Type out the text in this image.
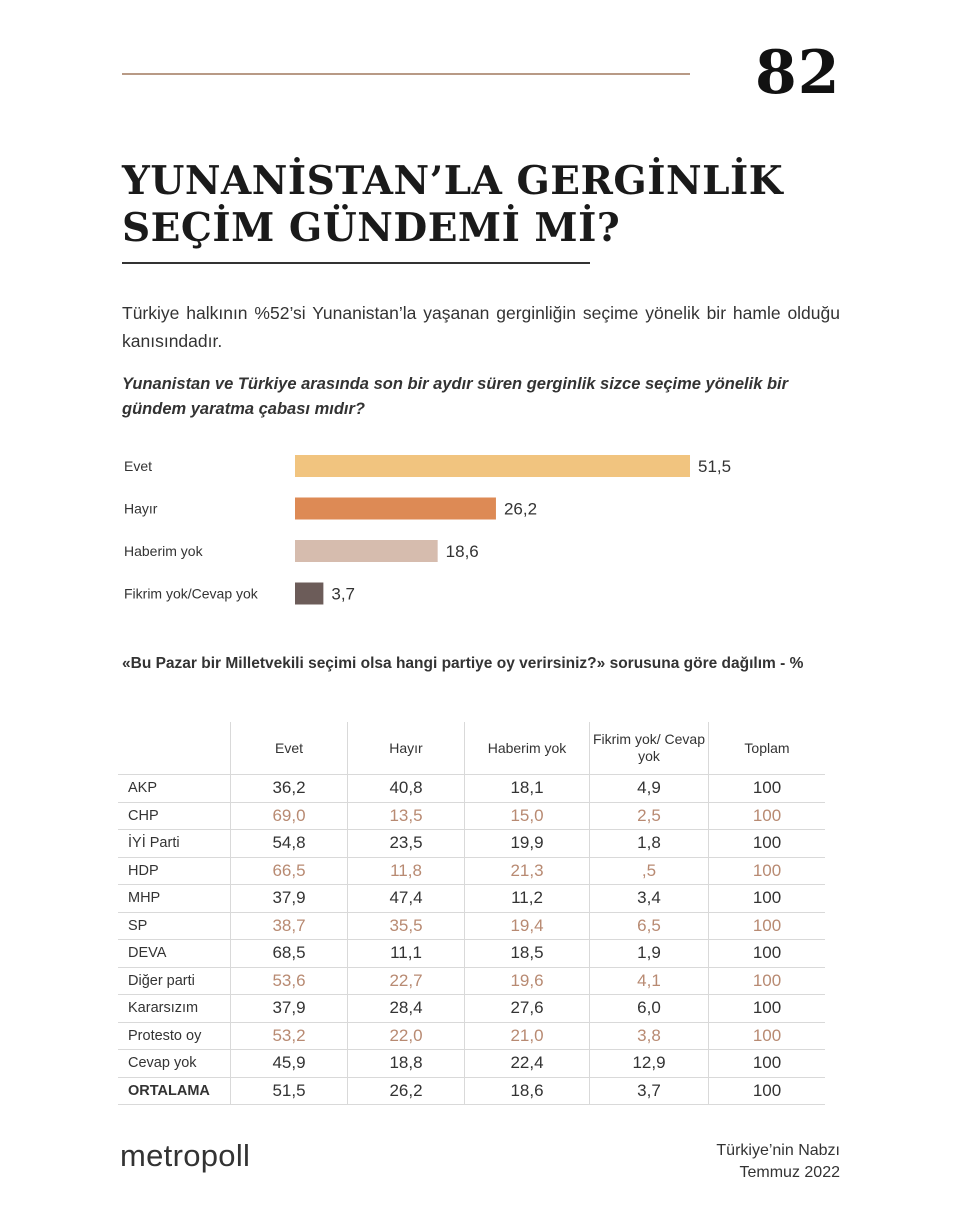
82
YUNANİSTAN’LA GERGİNLİK
SEÇİM GÜNDEMİ Mİ?
Türkiye halkının %52’si Yunanistan’la yaşanan gerginliğin seçime yönelik bir hamle olduğu kanısındadır.
Yunanistan ve Türkiye arasında son bir aydır süren gerginlik sizce seçime yönelik bir gündem yaratma çabası mıdır?
Evet	51,5
Hayır	26,2
Haberim yok	18,6
Fikrim yok/Cevap yok	3,7
«Bu Pazar bir Milletvekili seçimi olsa hangi partiye oy verirsiniz?» sorusuna göre dağılım - %
	Evet	Hayır	Haberim yok	Fikrim yok/ Cevap yok	Toplam
AKP	36,2	40,8	18,1	4,9	100
CHP	69,0	13,5	15,0	2,5	100
İYİ Parti	54,8	23,5	19,9	1,8	100
HDP	66,5	11,8	21,3	,5	100
MHP	37,9	47,4	11,2	3,4	100
SP	38,7	35,5	19,4	6,5	100
DEVA	68,5	11,1	18,5	1,9	100
Diğer parti	53,6	22,7	19,6	4,1	100
Kararsızım	37,9	28,4	27,6	6,0	100
Protesto oy	53,2	22,0	21,0	3,8	100
Cevap yok	45,9	18,8	22,4	12,9	100
ORTALAMA	51,5	26,2	18,6	3,7	100
metropoll	Türkiye’nin Nabzı
Temmuz 2022
